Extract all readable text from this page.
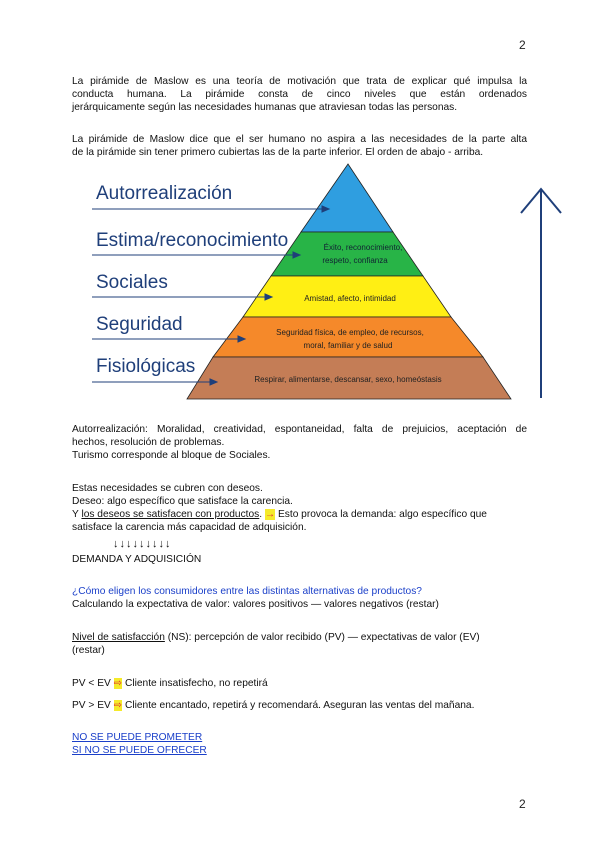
2
La pirámide de Maslow es una teoría de motivación que trata de explicar qué impulsa la
conducta humana. La pirámide consta de cinco niveles que están ordenados
jerárquicamente según las necesidades humanas que atraviesan todas las personas.
La pirámide de Maslow dice que el ser humano no aspira a las necesidades de la parte alta
de la pirámide sin tener primero cubiertas las de la parte inferior. El orden de abajo - arriba.
Éxito, reconocimiento,
respeto, confianza
Amistad, afecto, intimidad
Seguridad física, de empleo, de recursos,
moral, familiar y de salud
Respirar, alimentarse, descansar, sexo, homeóstasis
Autorrealización
Estima/reconocimiento
Sociales
Seguridad
Fisiológicas
Autorrealización: Moralidad, creatividad, espontaneidad, falta de prejuicios, aceptación de
hechos, resolución de problemas.
Turismo corresponde al bloque de Sociales.
Estas necesidades se cubren con deseos.
Deseo: algo específico que satisface la carencia.
Y los deseos se satisfacen con productos. → Esto provoca la demanda: algo específico que
satisface la carencia más capacidad de adquisición.
↓↓↓↓↓↓↓↓↓
DEMANDA Y ADQUISICIÓN
¿Cómo eligen los consumidores entre las distintas alternativas de productos?
Calculando la expectativa de valor: valores positivos — valores negativos (restar)
Nivel de satisfacción (NS): percepción de valor recibido (PV) — expectativas de valor (EV)
(restar)
PV < EV ⇨ Cliente insatisfecho, no repetirá
PV > EV ⇨ Cliente encantado, repetirá y recomendará. Aseguran las ventas del mañana.
NO SE PUEDE PROMETER
SI NO SE PUEDE OFRECER
2
